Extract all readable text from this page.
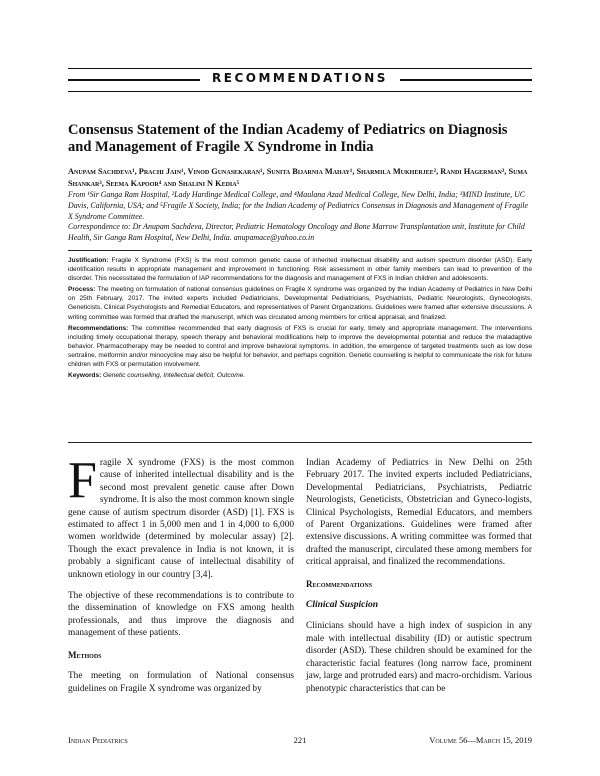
RECOMMENDATIONS
Consensus Statement of the Indian Academy of Pediatrics on Diagnosis and Management of Fragile X Syndrome in India
Anupam Sachdeva¹, Prachi Jain¹, Vinod Gunasekaran¹, Sunita Bijarnia Mahay¹, Sharmila Mukherjee², Randi Hagerman³, Suma Shankar³, Seema Kapoor⁴ and Shalini N Kedia⁵
From ¹Sir Ganga Ram Hospital, ²Lady Hardinge Medical College, and ⁴Maulana Azad Medical College, New Delhi, India; ³MIND Institute, UC Davis, California, USA; and ⁵Fragile X Society, India; for the Indian Academy of Pediatrics Consensus in Diagnosis and Management of Fragile X Syndrome Committee.
Correspondence to: Dr Anupam Sachdeva, Director, Pediatric Hematology Oncology and Bone Marrow Transplantation unit, Institute for Child Health, Sir Ganga Ram Hospital, New Delhi, India. anupamace@yahoo.co.in

Justification: Fragile X Syndrome (FXS) is the most common genetic cause of inherited intellectual disability and autism spectrum disorder (ASD). Early identification results in appropriate management and improvement in functioning. Risk assessment in other family members can lead to prevention of the disorder. This necessitated the formulation of IAP recommendations for the diagnosis and management of FXS in Indian children and adolescents.

Process: The meeting on formulation of national consensus guidelines on Fragile X syndrome was organized by the Indian Academy of Pediatrics in New Delhi on 25th February, 2017. The invited experts included Pediatricians, Developmental Pediatricians, Psychiatrists, Pediatric Neurologists, Gynecologists, Geneticists, Clinical Psychologists and Remedial Educators, and representatives of Parent Organizations. Guidelines were framed after extensive discussions. A writing committee was formed that drafted the manuscript, which was circulated among members for critical appraisal, and finalized.

Recommendations: The committee recommended that early diagnosis of FXS is crucial for early, timely and appropriate management. The interventions including timely occupational therapy, speech therapy and behavioral modifications help to improve the developmental potential and reduce the maladaptive behavior. Pharmacotherapy may be needed to control and improve behavioral symptoms. In addition, the emergence of targeted treatments such as low dose sertraline, metformin and/or minocycline may also be helpful for behavior, and perhaps cognition. Genetic counselling is helpful to communicate the risk for future children with FXS or permutation involvement.

Keywords: Genetic counselling, Intellectual deficit, Outcome.

Fragile X syndrome (FXS) is the most common cause of inherited intellectual disability and is the second most prevalent genetic cause after Down syndrome. It is also the most common known single gene cause of autism spectrum disorder (ASD) [1]. FXS is estimated to affect 1 in 5,000 men and 1 in 4,000 to 6,000 women worldwide (determined by molecular assay) [2]. Though the exact prevalence in India is not known, it is probably a significant cause of intellectual disability of unknown etiology in our country [3,4].

The objective of these recommendations is to contribute to the dissemination of knowledge on FXS among health professionals, and thus improve the diagnosis and management of these patients.

Methods

The meeting on formulation of National consensus guidelines on Fragile X syndrome was organized by

Indian Academy of Pediatrics in New Delhi on 25th February 2017. The invited experts included Pediatricians, Developmental Pediatricians, Psychiatrists, Pediatric Neurologists, Geneticists, Obstetrician and Gyneco-logists, Clinical Psychologists, Remedial Educators, and members of Parent Organizations. Guidelines were framed after extensive discussions. A writing committee was formed that drafted the manuscript, circulated these among members for critical appraisal, and finalized the recommendations.

Recommendations

Clinical Suspicion

Clinicians should have a high index of suspicion in any male with intellectual disability (ID) or autistic spectrum disorder (ASD). These children should be examined for the characteristic facial features (long narrow face, prominent jaw, large and protruded ears) and macro-orchidism. Various phenotypic characteristics that can be

Indian Pediatrics	221	Volume 56—March 15, 2019
